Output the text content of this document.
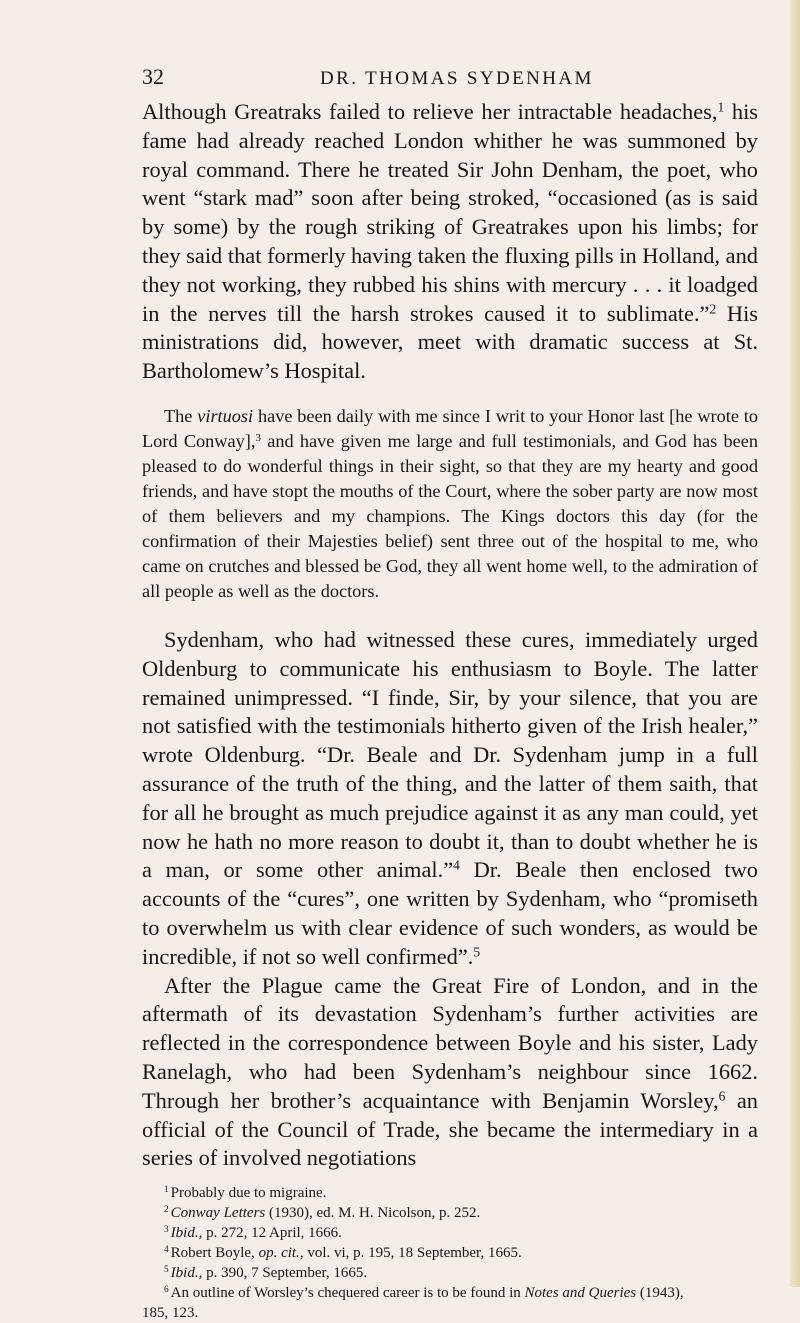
32	DR. THOMAS SYDENHAM

Although Greatraks failed to relieve her intractable headaches,$^1$ his fame had already reached London whither he was summoned by royal command. There he treated Sir John Denham, the poet, who went “stark mad” soon after being stroked, “occasioned (as is said by some) by the rough striking of Greatrakes upon his limbs; for they said that formerly having taken the fluxing pills in Holland, and they not working, they rubbed his shins with mercury . . . it loadged in the nerves till the harsh strokes caused it to sublimate.”$^2$ His ministrations did, however, meet with dramatic success at St. Bartholomew’s Hospital.

The virtuosi have been daily with me since I writ to your Honor last [he wrote to Lord Conway],$^3$ and have given me large and full testimonials, and God has been pleased to do wonderful things in their sight, so that they are my hearty and good friends, and have stopt the mouths of the Court, where the sober party are now most of them believers and my champions. The Kings doctors this day (for the confirmation of their Majesties belief) sent three out of the hospital to me, who came on crutches and blessed be God, they all went home well, to the admiration of all people as well as the doctors.

Sydenham, who had witnessed these cures, immediately urged Oldenburg to communicate his enthusiasm to Boyle. The latter remained unimpressed. “I finde, Sir, by your silence, that you are not satisfied with the testimonials hitherto given of the Irish healer,” wrote Oldenburg. “Dr. Beale and Dr. Sydenham jump in a full assurance of the truth of the thing, and the latter of them saith, that for all he brought as much prejudice against it as any man could, yet now he hath no more reason to doubt it, than to doubt whether he is a man, or some other animal.”$^4$ Dr. Beale then enclosed two accounts of the “cures”, one written by Sydenham, who “promiseth to overwhelm us with clear evidence of such wonders, as would be incredible, if not so well confirmed”.$^5$

After the Plague came the Great Fire of London, and in the aftermath of its devastation Sydenham’s further activities are reflected in the correspondence between Boyle and his sister, Lady Ranelagh, who had been Sydenham’s neighbour since 1662. Through her brother’s acquaintance with Benjamin Worsley,$^6$ an official of the Council of Trade, she became the intermediary in a series of involved negotiations

$^1$ Probably due to migraine.

$^2$ Conway Letters (1930), ed. M. H. Nicolson, p. 252.

$^3$ Ibid., p. 272, 12 April, 1666.

$^4$ Robert Boyle, op. cit., vol. vi, p. 195, 18 September, 1665.

$^5$ Ibid., p. 390, 7 September, 1665.

$^6$ An outline of Worsley’s chequered career is to be found in Notes and Queries (1943),

185, 123.
